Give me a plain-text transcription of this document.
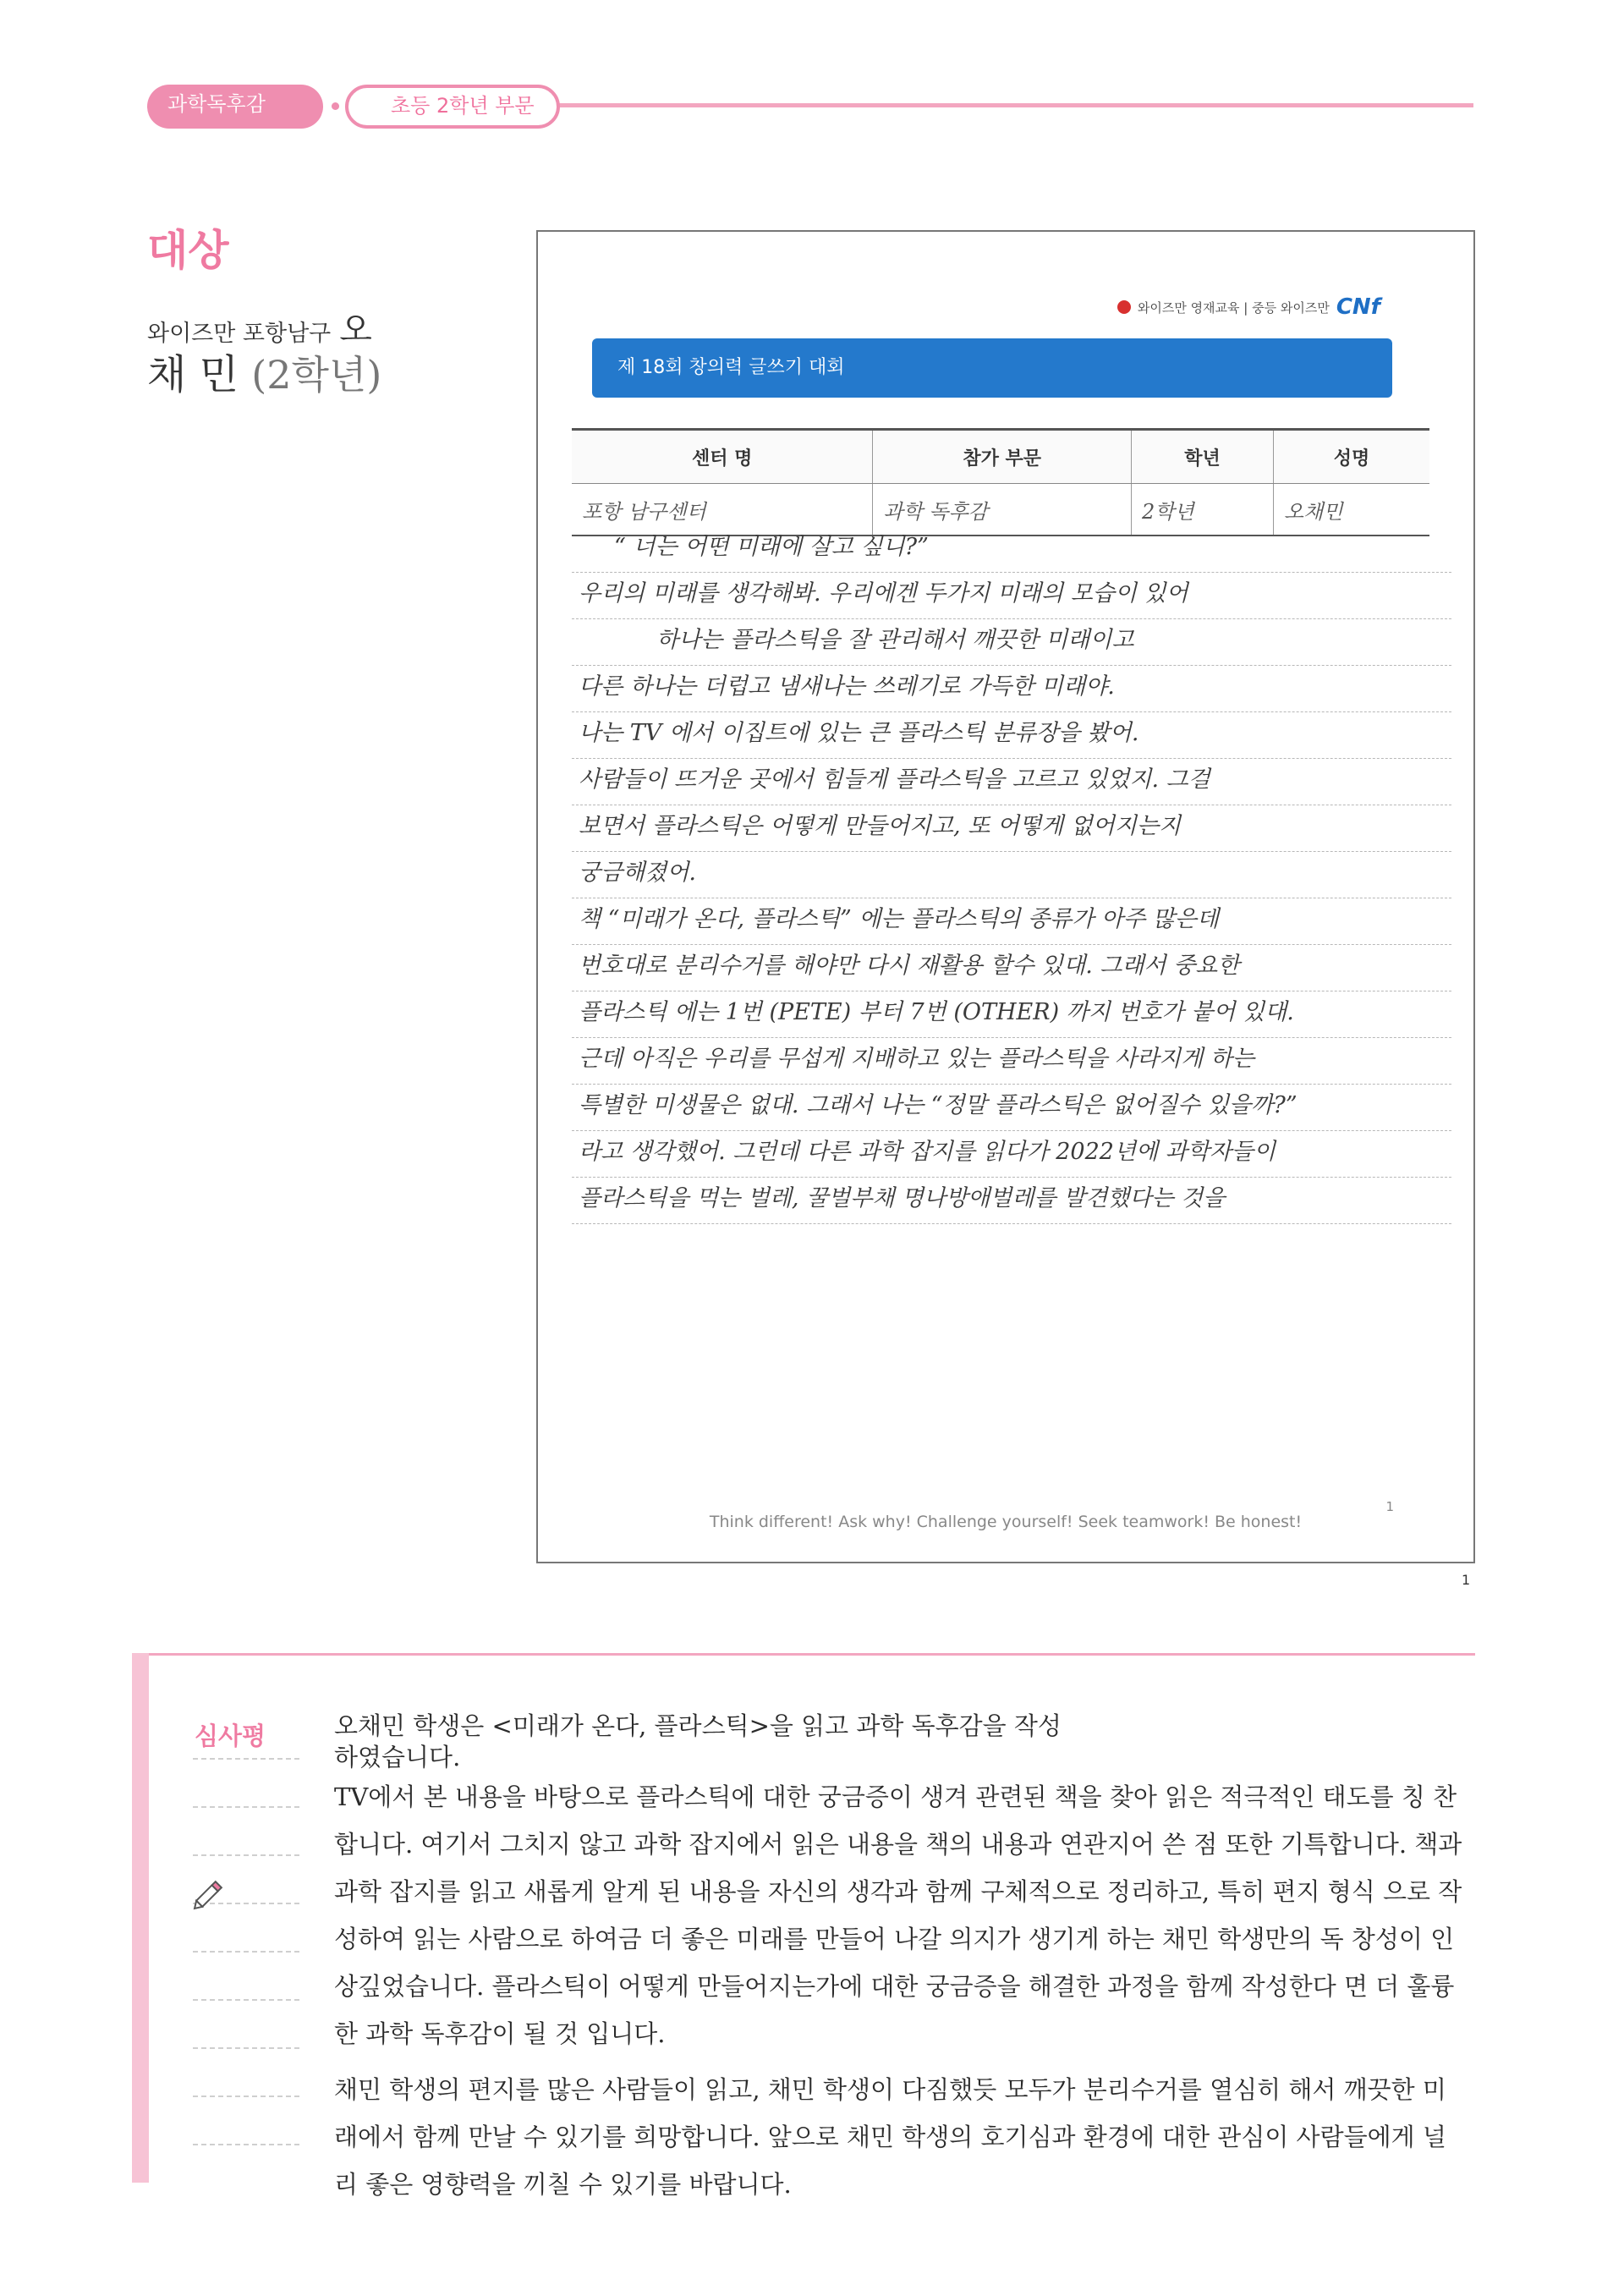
과학독후감	초등 2학년 부문
대상
와이즈만 포항남구 오
채 민 (2학년)
와이즈만 영재교육 | 중등 와이즈만 CNf
제 18회 창의력 글쓰기 대회
센터 명	참가 부문	학년	성명
포항 남구센터	과학 독후감	2학년	오채민
“ 너는 어떤 미래에 살고 싶니?”
우리의 미래를 생각해봐. 우리에겐 두가지 미래의 모습이 있어
하나는 플라스틱을 잘 관리해서 깨끗한 미래이고
다른 하나는 더럽고 냄새나는 쓰레기로 가득한 미래야.
나는 TV 에서 이집트에 있는 큰 플라스틱 분류장을 봤어.
사람들이 뜨거운 곳에서 힘들게 플라스틱을 고르고 있었지. 그걸
보면서 플라스틱은 어떻게 만들어지고, 또 어떻게 없어지는지
궁금해졌어.
책 “미래가 온다, 플라스틱” 에는 플라스틱의 종류가 아주 많은데
번호대로 분리수거를 해야만 다시 재활용 할수 있대. 그래서 중요한
플라스틱 에는 1번 (PETE) 부터 7번 (OTHER) 까지 번호가 붙어 있대.
근데 아직은 우리를 무섭게 지배하고 있는 플라스틱을 사라지게 하는
특별한 미생물은 없대. 그래서 나는 “정말 플라스틱은 없어질수 있을까?”
라고 생각했어. 그런데 다른 과학 잡지를 읽다가 2022년에 과학자들이
플라스틱을 먹는 벌레, 꿀벌부채 명나방애벌레를 발견했다는 것을
1
Think different! Ask why! Challenge yourself! Seek teamwork! Be honest!
1
심사평	오채민 학생은 <미래가 온다, 플라스틱>을 읽고 과학 독후감을 작성하였습니다.

TV에서 본 내용을 바탕으로 플라스틱에 대한 궁금증이 생겨 관련된 책을 찾아 읽은 적극적인 태도를 칭 찬합니다. 여기서 그치지 않고 과학 잡지에서 읽은 내용을 책의 내용과 연관지어 쓴 점 또한 기특합니다. 책과 과학 잡지를 읽고 새롭게 알게 된 내용을 자신의 생각과 함께 구체적으로 정리하고, 특히 편지 형식 으로 작성하여 읽는 사람으로 하여금 더 좋은 미래를 만들어 나갈 의지가 생기게 하는 채민 학생만의 독 창성이 인상깊었습니다. 플라스틱이 어떻게 만들어지는가에 대한 궁금증을 해결한 과정을 함께 작성한다 면 더 훌륭한 과학 독후감이 될 것 입니다.

채민 학생의 편지를 많은 사람들이 읽고, 채민 학생이 다짐했듯 모두가 분리수거를 열심히 해서 깨끗한 미 래에서 함께 만날 수 있기를 희망합니다. 앞으로 채민 학생의 호기심과 환경에 대한 관심이 사람들에게 널 리 좋은 영향력을 끼칠 수 있기를 바랍니다.
